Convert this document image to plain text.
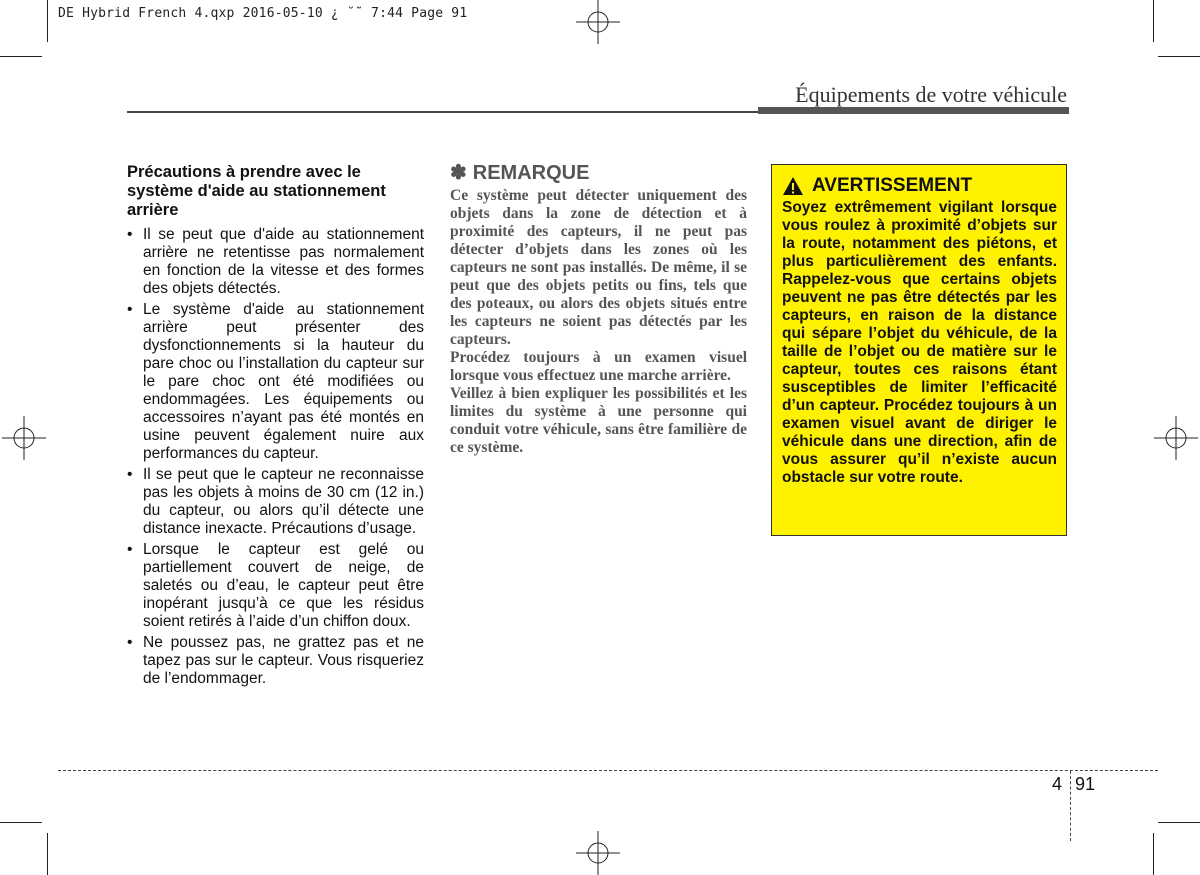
DE Hybrid French 4.qxp 2016-05-10 ¿ ˘˜ 7:44 Page 91
Équipements de votre véhicule
Précautions à prendre avec le système d'aide au stationnement arrière
• Il se peut que d'aide au stationnement arrière ne retentisse pas normalement en fonction de la vitesse et des formes des objets détectés.
• Le système d'aide au stationnement arrière peut présenter des dysfonctionnements si la hauteur du pare choc ou l’installation du capteur sur le pare choc ont été modifiées ou endommagées. Les équipements ou accessoires n’ayant pas été montés en usine peuvent également nuire aux performances du capteur.
• Il se peut que le capteur ne reconnaisse pas les objets à moins de 30 cm (12 in.) du capteur, ou alors qu’il détecte une distance inexacte. Précautions d’usage.
• Lorsque le capteur est gelé ou partiellement couvert de neige, de saletés ou d’eau, le capteur peut être inopérant jusqu’à ce que les résidus soient retirés à l’aide d’un chiffon doux.
• Ne poussez pas, ne grattez pas et ne tapez pas sur le capteur. Vous risqueriez de l’endommager.
✽ REMARQUE

Ce système peut détecter uniquement des objets dans la zone de détection et à proximité des capteurs, il ne peut pas détecter d’objets dans les zones où les capteurs ne sont pas installés. De même, il se peut que des objets petits ou fins, tels que des poteaux, ou alors des objets situés entre les capteurs ne soient pas détectés par les capteurs.

Procédez toujours à un examen visuel lorsque vous effectuez une marche arrière.

Veillez à bien expliquer les possibilités et les limites du système à une personne qui conduit votre véhicule, sans être familière de ce système.

AVERTISSEMENT

Soyez extrêmement vigilant lorsque vous roulez à proximité d’objets sur la route, notamment des piétons, et plus particulièrement des enfants. Rappelez-vous que certains objets peuvent ne pas être détectés par les capteurs, en raison de la distance qui sépare l’objet du véhicule, de la taille de l’objet ou de matière sur le capteur, toutes ces raisons étant susceptibles de limiter l’efficacité d’un capteur. Procédez toujours à un examen visuel avant de diriger le véhicule dans une direction, afin de vous assurer qu’il n’existe aucun obstacle sur votre route.

4 91
